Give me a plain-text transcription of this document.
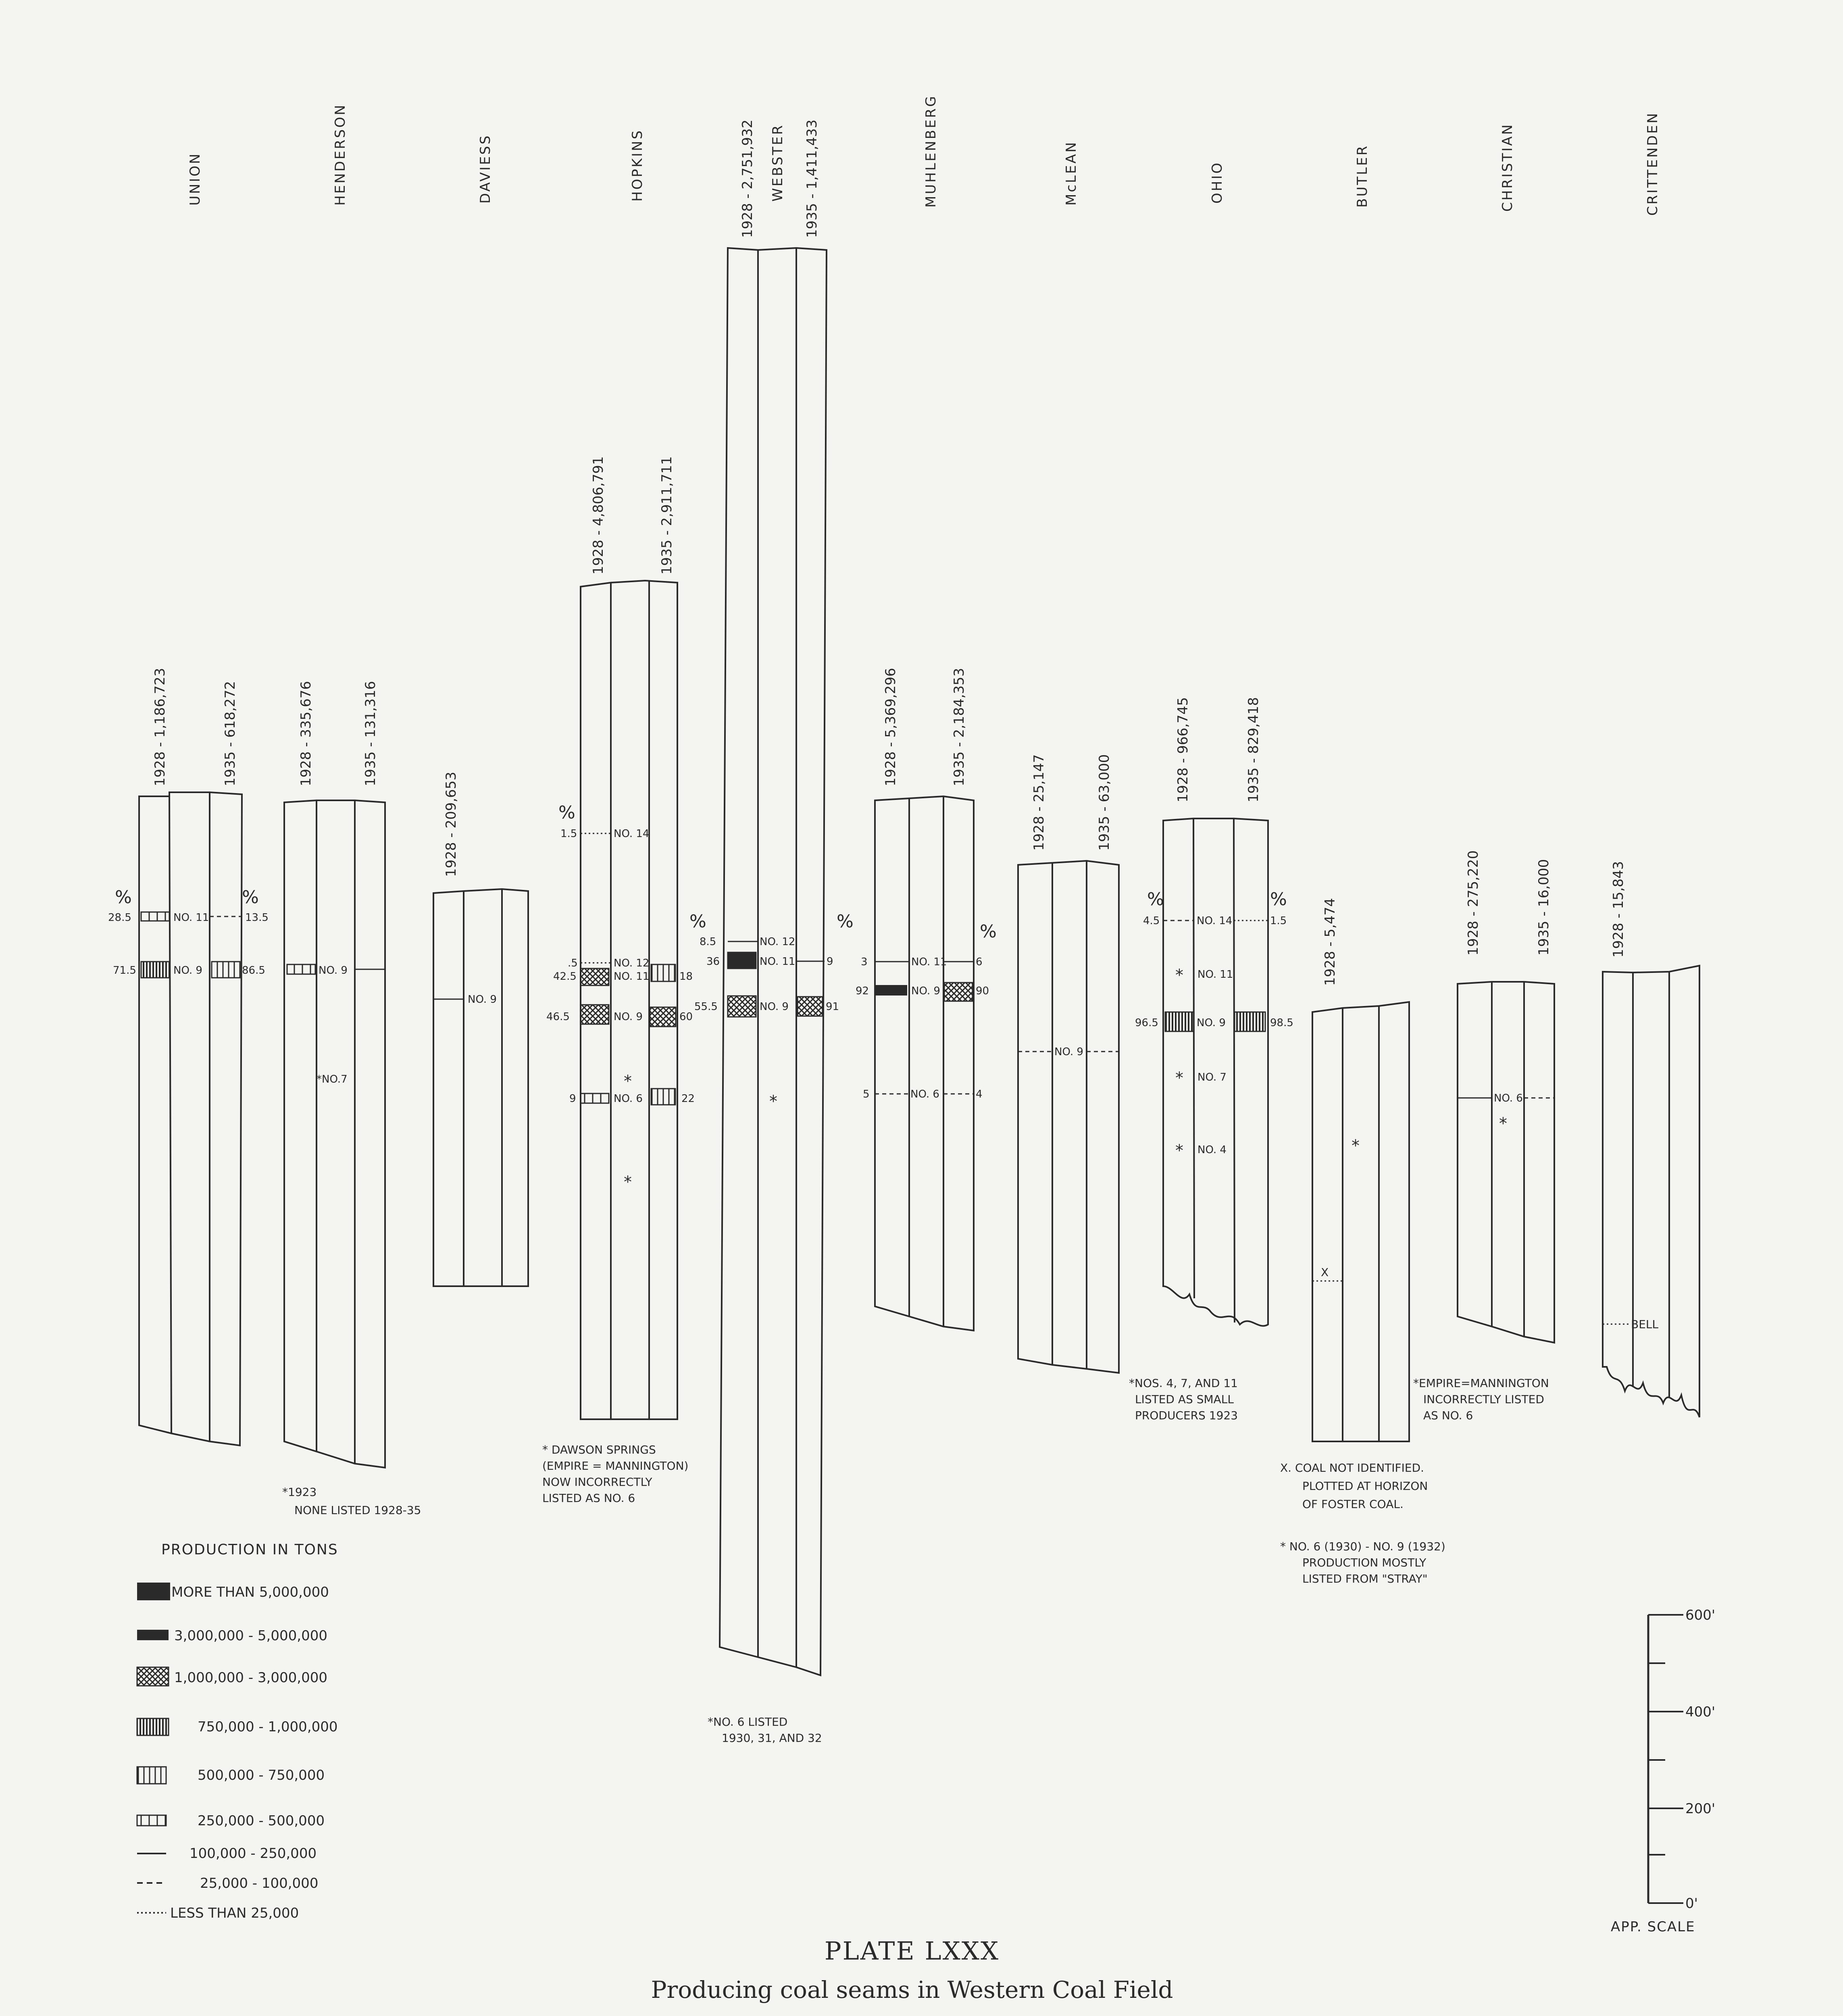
UNION
1928 - 1,186,723	1935 - 618,272
%	%
NO. 11
28.5	13.5
NO. 9
71.5	86.5
HENDERSON
1928 - 335,676	1935 - 131,316
NO. 9
*NO.7
*1923
NONE LISTED 1928-35
DAVIESS
1928 - 209,653
NO. 9
HOPKINS
1928 - 4,806,791	1935 - 2,911,711
%
NO. 14
1.5
NO. 12
.5
NO. 11
42.5	18
NO. 9
46.5	60
NO. 6
9	22
*
*
* DAWSON SPRINGS
(EMPIRE = MANNINGTON)
NOW INCORRECTLY
LISTED AS NO. 6
WEBSTER
1928 - 2,751,932	1935 - 1,411,433
%
NO. 12
8.5
NO. 11
36	9
NO. 9
55.5	91
*
*NO. 6 LISTED
1930, 31, AND 32
MUHLENBERG
1928 - 5,369,296	1935 - 2,184,353
%	%
NO. 11
3	6
NO. 9
92	90
NO. 6
5	4
McLEAN
1928 - 25,147	1935 - 63,000
NO. 9
OHIO
1928 - 966,745	1935 - 829,418
%	%
NO. 14
4.5	1.5
* NO. 11
NO. 9
96.5	98.5
* NO. 7
* NO. 4
*NOS. 4, 7, AND 11
LISTED AS SMALL
PRODUCERS 1923
BUTLER
1928 - 5,474
X
*
X. COAL NOT IDENTIFIED.
PLOTTED AT HORIZON
OF FOSTER COAL.
* NO. 6 (1930) - NO. 9 (1932)
PRODUCTION MOSTLY
LISTED FROM "STRAY"
CHRISTIAN
1928 - 275,220	1935 - 16,000
NO. 6
*
*EMPIRE=MANNINGTON
INCORRECTLY LISTED
AS NO. 6
CRITTENDEN
1928 - 15,843
BELL
PRODUCTION IN TONS
MORE THAN 5,000,000
3,000,000 - 5,000,000
1,000,000 - 3,000,000
750,000 - 1,000,000
500,000 - 750,000
250,000 - 500,000
100,000 - 250,000
25,000 - 100,000
LESS THAN 25,000
600'
400'
200'
0'
APP. SCALE
PLATE LXXX
Producing coal seams in Western Coal Field
